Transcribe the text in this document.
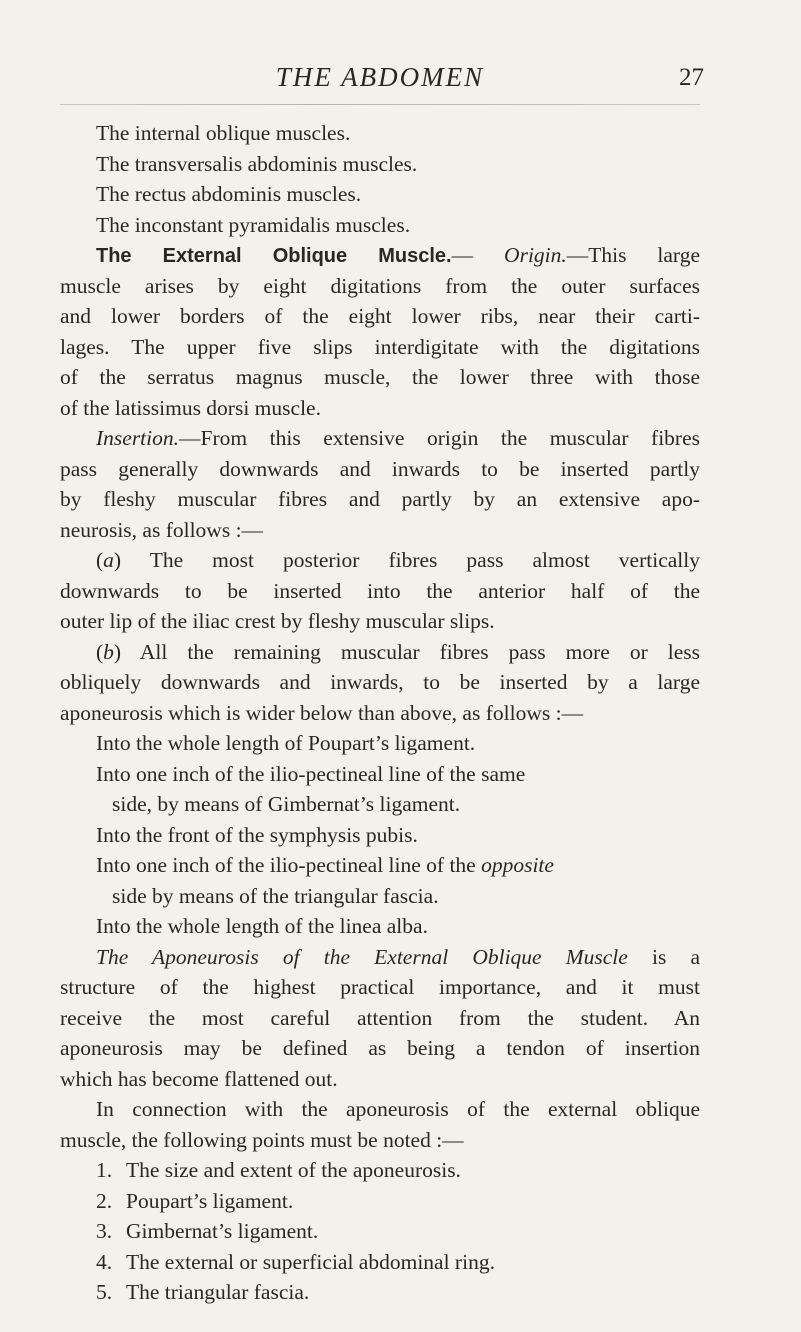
THE ABDOMEN	27
The internal oblique muscles.
The transversalis abdominis muscles.
The rectus abdominis muscles.
The inconstant pyramidalis muscles.
The External Oblique Muscle.— Origin.—This large
muscle arises by eight digitations from the outer surfaces
and lower borders of the eight lower ribs, near their carti-
lages. The upper five slips interdigitate with the digitations
of the serratus magnus muscle, the lower three with those
of the latissimus dorsi muscle.
Insertion.—From this extensive origin the muscular fibres
pass generally downwards and inwards to be inserted partly
by fleshy muscular fibres and partly by an extensive apo-
neurosis, as follows :—
(a) The most posterior fibres pass almost vertically
downwards to be inserted into the anterior half of the
outer lip of the iliac crest by fleshy muscular slips.
(b) All the remaining muscular fibres pass more or less
obliquely downwards and inwards, to be inserted by a large
aponeurosis which is wider below than above, as follows :—
Into the whole length of Poupart’s ligament.
Into one inch of the ilio-pectineal line of the same
side, by means of Gimbernat’s ligament.
Into the front of the symphysis pubis.
Into one inch of the ilio-pectineal line of the opposite
side by means of the triangular fascia.
Into the whole length of the linea alba.
The Aponeurosis of the External Oblique Muscle is a
structure of the highest practical importance, and it must
receive the most careful attention from the student. An
aponeurosis may be defined as being a tendon of insertion
which has become flattened out.
In connection with the aponeurosis of the external oblique
muscle, the following points must be noted :—
1. The size and extent of the aponeurosis.
2. Poupart’s ligament.
3. Gimbernat’s ligament.
4. The external or superficial abdominal ring.
5. The triangular fascia.
